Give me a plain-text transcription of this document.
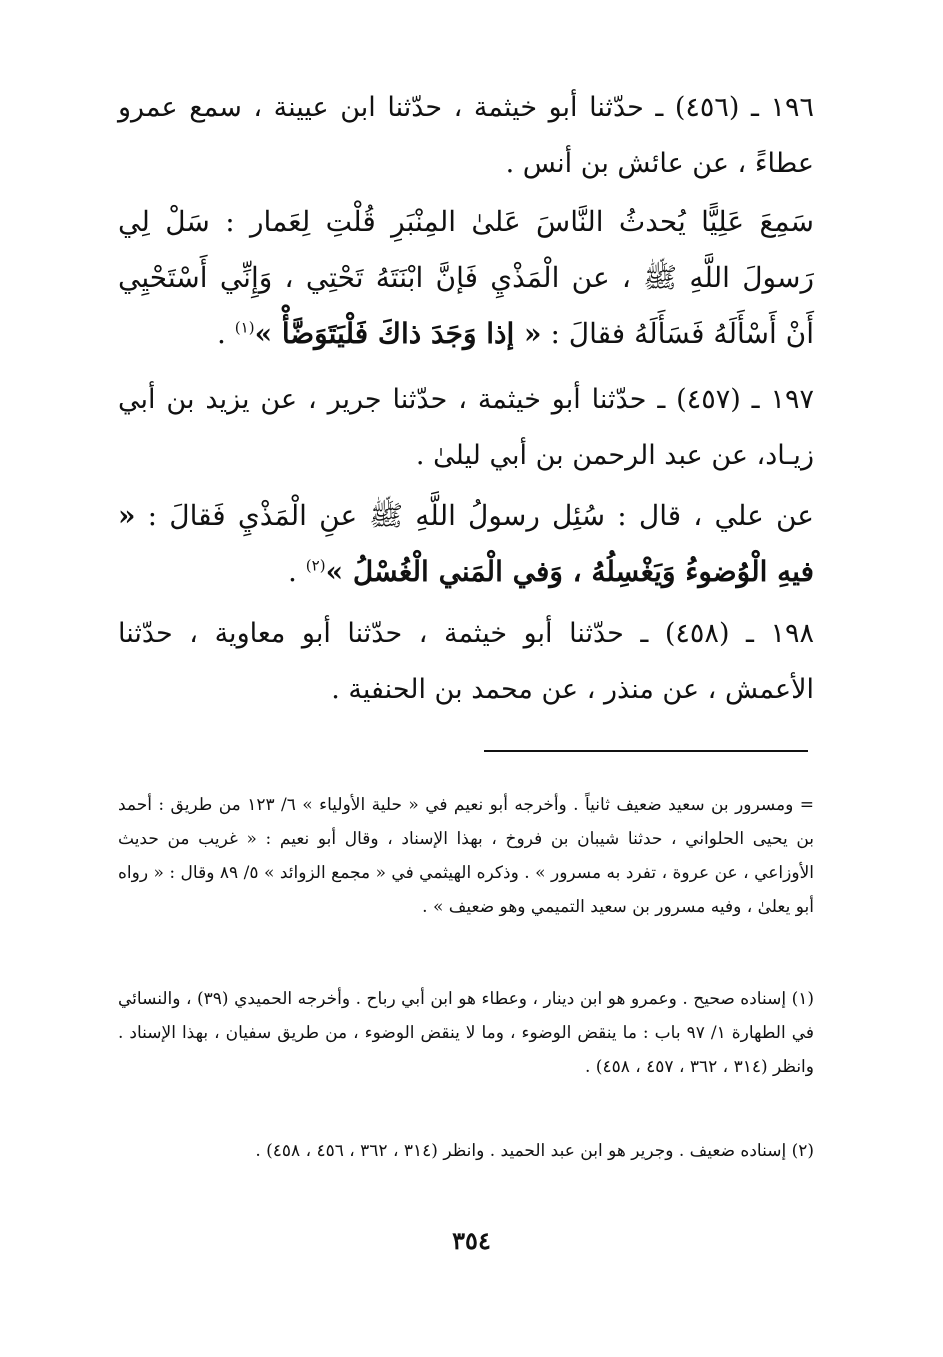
١٩٦ ـ (٤٥٦) ـ حدّثنا أبو خيثمة ، حدّثنا ابن عيينة ، سمع عمرو عطاءً ، عن عائش بن أنس .

سَمِعَ عَلِيًّا يُحدثُ النَّاسَ عَلىٰ المِنْبَرِ قُلْتِ لِعَمار : سَلْ لِي رَسولَ اللَّهِ ﷺ ، عن الْمَذْيِ فَإنَّ ابْنَتَهُ تَحْتِي ، وَإِنِّي أَسْتَحْيِي أَنْ أَسْأَلَهُ فَسَأَلَهُ فقالَ : « إذا وَجَدَ ذاكَ فَلْيَتَوَضَّأْ »$^{(١)}$ .

١٩٧ ـ (٤٥٧) ـ حدّثنا أبو خيثمة ، حدّثنا جرير ، عن يزيد بن أبي زيـاد، عن عبد الرحمن بن أبي ليلىٰ .

عن علي ، قال : سُئِل رسولُ اللَّهِ ﷺ عنِ الْمَذْيِ فَقالَ : « فيهِ الْوُضوءُ وَيَغْسِلُهُ ، وَفي الْمَني الْغُسْلُ »$^{(٢)}$ .

١٩٨ ـ (٤٥٨) ـ حدّثنا أبو خيثمة ، حدّثنا أبو معاوية ، حدّثنا الأعمش ، عن منذر ، عن محمد بن الحنفية .

= ومسرور بن سعيد ضعيف ثانياً . وأخرجه أبو نعيم في « حلية الأولياء » ٦/ ١٢٣ من طريق : أحمد بن يحيى الحلواني ، حدثنا شيبان بن فروخ ، بهذا الإسناد ، وقال أبو نعيم : « غريب من حديث الأوزاعي ، عن عروة ، تفرد به مسرور » . وذكره الهيثمي في « مجمع الزوائد » ٥/ ٨٩ وقال : « رواه أبو يعلىٰ ، وفيه مسرور بن سعيد التميمي وهو ضعيف » .

(١) إسناده صحيح . وعمرو هو ابن دينار ، وعطاء هو ابن أبي رباح . وأخرجه الحميدي (٣٩) ، والنسائي في الطهارة ١/ ٩٧ باب : ما ينقض الوضوء ، وما لا ينقض الوضوء ، من طريق سفيان ، بهذا الإسناد . وانظر (٣١٤ ، ٣٦٢ ، ٤٥٧ ، ٤٥٨) .

(٢) إسناده ضعيف . وجرير هو ابن عبد الحميد . وانظر (٣١٤ ، ٣٦٢ ، ٤٥٦ ، ٤٥٨) .

٣٥٤
